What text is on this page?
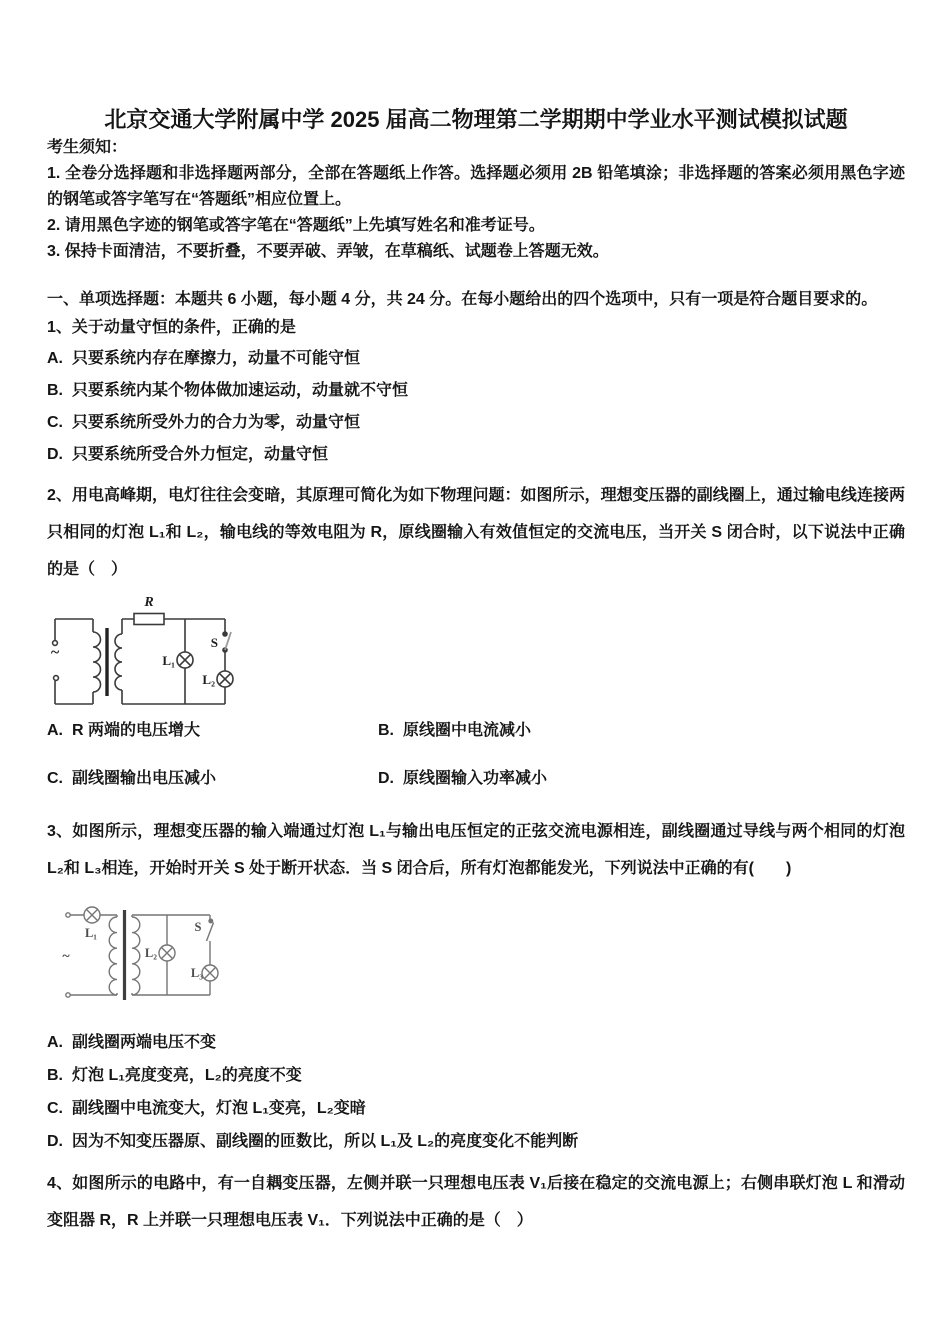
北京交通大学附属中学 2025 届高二物理第二学期期中学业水平测试模拟试题

考生须知：

1. 全卷分选择题和非选择题两部分，全部在答题纸上作答。选择题必须用 2B 铅笔填涂；非选择题的答案必须用黑色字迹的钢笔或答字笔写在“答题纸”相应位置上。

2. 请用黑色字迹的钢笔或答字笔在“答题纸”上先填写姓名和准考证号。

3. 保持卡面清洁，不要折叠，不要弄破、弄皱，在草稿纸、试题卷上答题无效。

一、单项选择题：本题共 6 小题，每小题 4 分，共 24 分。在每小题给出的四个选项中，只有一项是符合题目要求的。

1、关于动量守恒的条件，正确的是

A. 只要系统内存在摩擦力，动量不可能守恒

B. 只要系统内某个物体做加速运动，动量就不守恒

C. 只要系统所受外力的合力为零，动量守恒

D. 只要系统所受合外力恒定，动量守恒

2、用电高峰期，电灯往往会变暗，其原理可简化为如下物理问题：如图所示，理想变压器的副线圈上，通过输电线连接两只相同的灯泡 L₁和 L₂，输电线的等效电阻为 R，原线圈输入有效值恒定的交流电压，当开关 S 闭合时，以下说法中正确的是（　）

~
R
L₁
S
L₂

A. R 两端的电压增大	B. 原线圈中电流减小

C. 副线圈输出电压减小	D. 原线圈输入功率减小

3、如图所示，理想变压器的输入端通过灯泡 L₁与输出电压恒定的正弦交流电源相连，副线圈通过导线与两个相同的灯泡 L₂和 L₃相连，开始时开关 S 处于断开状态．当 S 闭合后，所有灯泡都能发光，下列说法中正确的有(　　)

L₁
~	L₂
S
L₃

A. 副线圈两端电压不变

B. 灯泡 L₁亮度变亮，L₂的亮度不变

C. 副线圈中电流变大，灯泡 L₁变亮，L₂变暗

D. 因为不知变压器原、副线圈的匝数比，所以 L₁及 L₂的亮度变化不能判断

4、如图所示的电路中，有一自耦变压器，左侧并联一只理想电压表 V₁后接在稳定的交流电源上；右侧串联灯泡 L 和滑动变阻器 R，R 上并联一只理想电压表 V₁．下列说法中正确的是（　）
